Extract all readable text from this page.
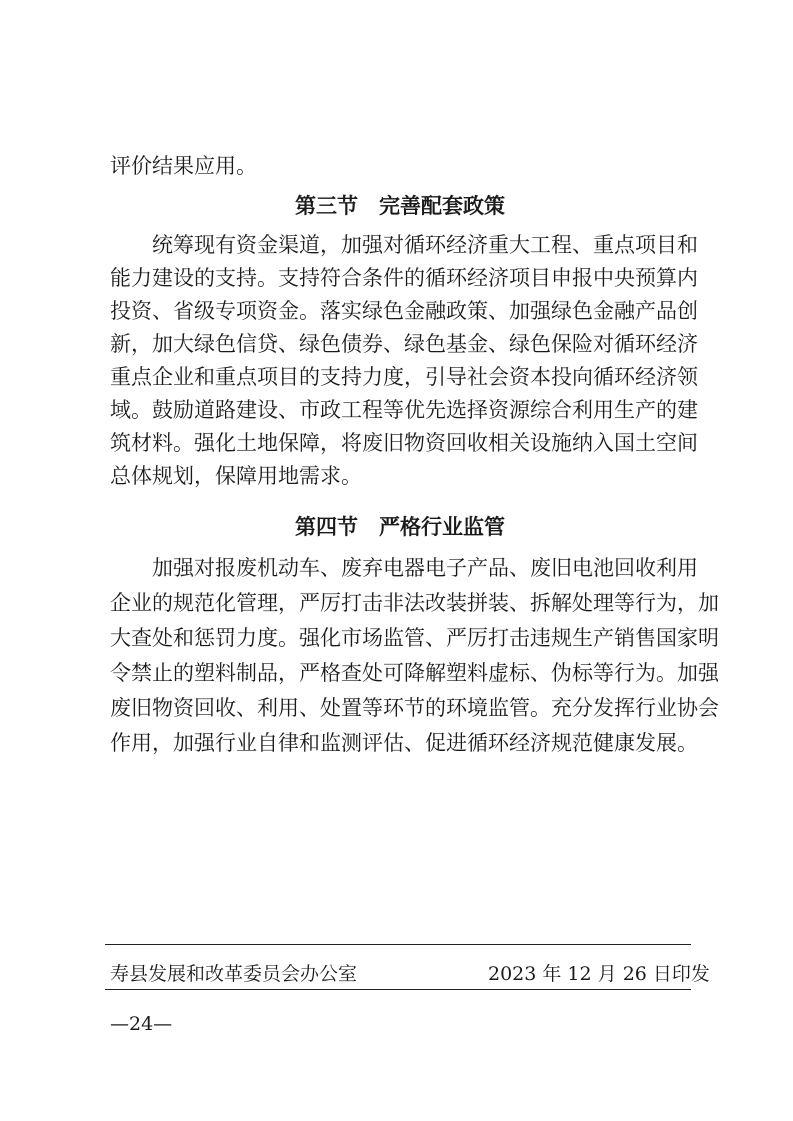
评价结果应用。
第三节　完善配套政策
　　统筹现有资金渠道，加强对循环经济重大工程、重点项目和
能力建设的支持。支持符合条件的循环经济项目申报中央预算内
投资、省级专项资金。落实绿色金融政策、加强绿色金融产品创
新，加大绿色信贷、绿色债券、绿色基金、绿色保险对循环经济
重点企业和重点项目的支持力度，引导社会资本投向循环经济领
域。鼓励道路建设、市政工程等优先选择资源综合利用生产的建
筑材料。强化土地保障，将废旧物资回收相关设施纳入国土空间
总体规划，保障用地需求。
第四节　严格行业监管
　　加强对报废机动车、废弃电器电子产品、废旧电池回收利用
企业的规范化管理，严厉打击非法改装拼装、拆解处理等行为，加
大查处和惩罚力度。强化市场监管、严厉打击违规生产销售国家明
令禁止的塑料制品，严格查处可降解塑料虚标、伪标等行为。加强
废旧物资回收、利用、处置等环节的环境监管。充分发挥行业协会
作用，加强行业自律和监测评估、促进循环经济规范健康发展。
寿县发展和改革委员会办公室	2023 年 12 月 26 日印发
—24—
